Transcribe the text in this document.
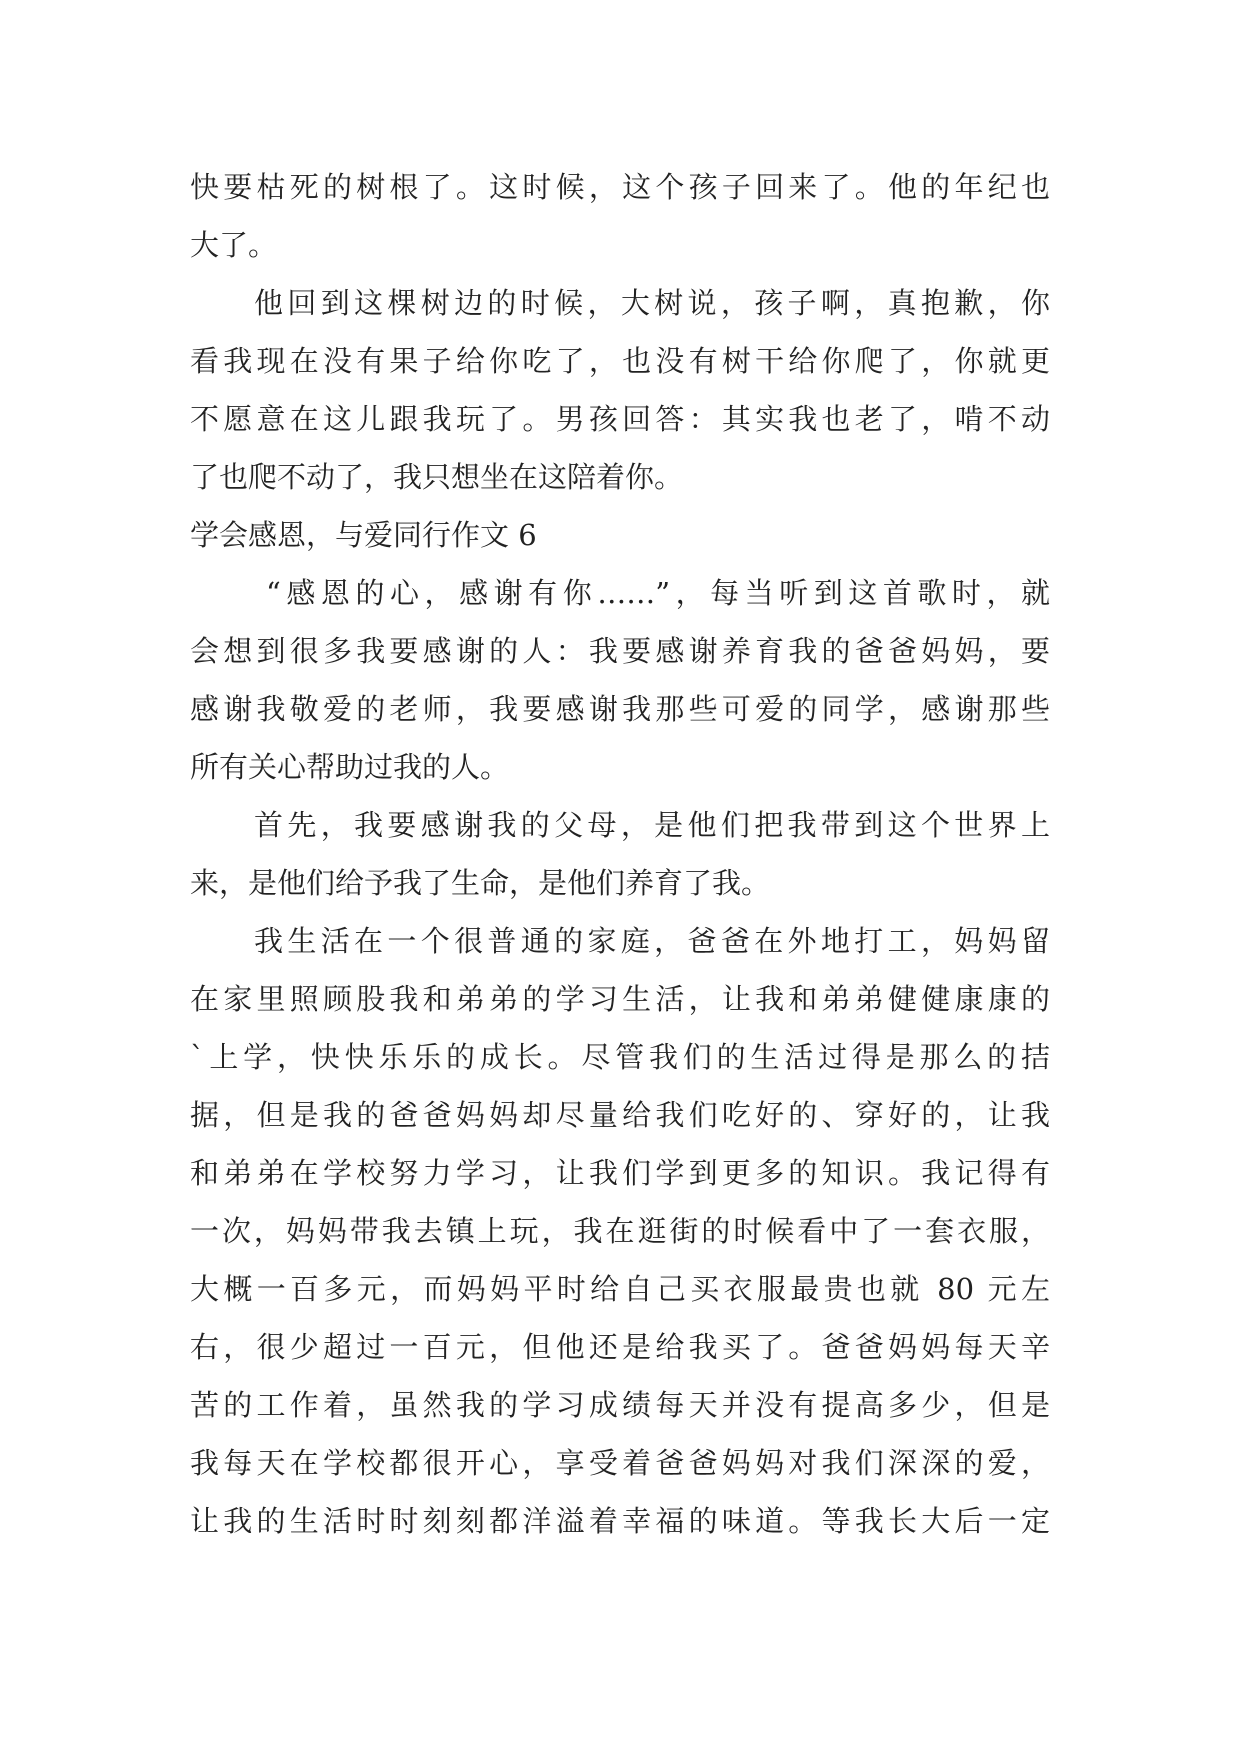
快要枯死的树根了。这时候，这个孩子回来了。他的年纪也
大了。
他回到这棵树边的时候，大树说，孩子啊，真抱歉，你
看我现在没有果子给你吃了，也没有树干给你爬了，你就更
不愿意在这儿跟我玩了。男孩回答：其实我也老了，啃不动
了也爬不动了，我只想坐在这陪着你。
学会感恩，与爱同行作文 6
“感恩的心，感谢有你……”，每当听到这首歌时，就
会想到很多我要感谢的人：我要感谢养育我的爸爸妈妈，要
感谢我敬爱的老师，我要感谢我那些可爱的同学，感谢那些
所有关心帮助过我的人。
首先，我要感谢我的父母，是他们把我带到这个世界上
来，是他们给予我了生命，是他们养育了我。
我生活在一个很普通的家庭，爸爸在外地打工，妈妈留
在家里照顾股我和弟弟的学习生活，让我和弟弟健健康康的
`上学，快快乐乐的成长。尽管我们的生活过得是那么的拮
据，但是我的爸爸妈妈却尽量给我们吃好的、穿好的，让我
和弟弟在学校努力学习，让我们学到更多的知识。我记得有
一次，妈妈带我去镇上玩，我在逛街的时候看中了一套衣服，
大概一百多元，而妈妈平时给自己买衣服最贵也就 80 元左
右，很少超过一百元，但他还是给我买了。爸爸妈妈每天辛
苦的工作着，虽然我的学习成绩每天并没有提高多少，但是
我每天在学校都很开心，享受着爸爸妈妈对我们深深的爱，
让我的生活时时刻刻都洋溢着幸福的味道。等我长大后一定
